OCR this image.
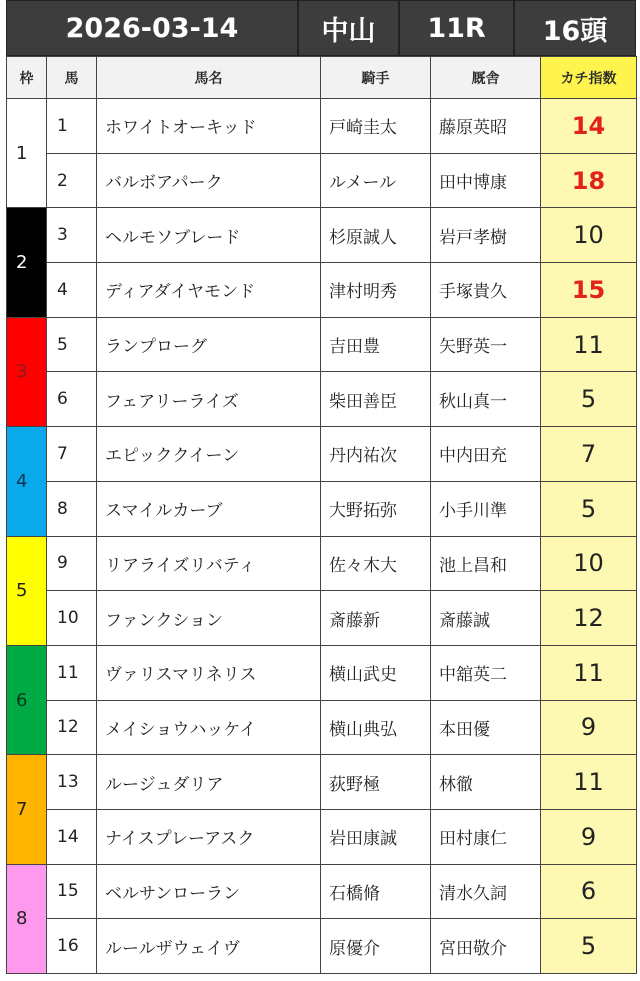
2026-03-14	中山	11R	16頭
枠	馬	馬名	騎手	厩舎	カチ指数
1	1	ホワイトオーキッド	戸崎圭太	藤原英昭	14
	2	バルボアパーク	ルメール	田中博康	18
2	3	ヘルモソブレード	杉原誠人	岩戸孝樹	10
	4	ディアダイヤモンド	津村明秀	手塚貴久	15
3	5	ランプローグ	吉田豊	矢野英一	11
	6	フェアリーライズ	柴田善臣	秋山真一	5
4	7	エピッククイーン	丹内祐次	中内田充	7
	8	スマイルカーブ	大野拓弥	小手川準	5
5	9	リアライズリバティ	佐々木大	池上昌和	10
	10	ファンクション	斎藤新	斎藤誠	12
6	11	ヴァリスマリネリス	横山武史	中舘英二	11
	12	メイショウハッケイ	横山典弘	本田優	9
7	13	ルージュダリア	荻野極	林徹	11
	14	ナイスプレーアスク	岩田康誠	田村康仁	9
8	15	ベルサンローラン	石橋脩	清水久詞	6
	16	ルールザウェイヴ	原優介	宮田敬介	5
